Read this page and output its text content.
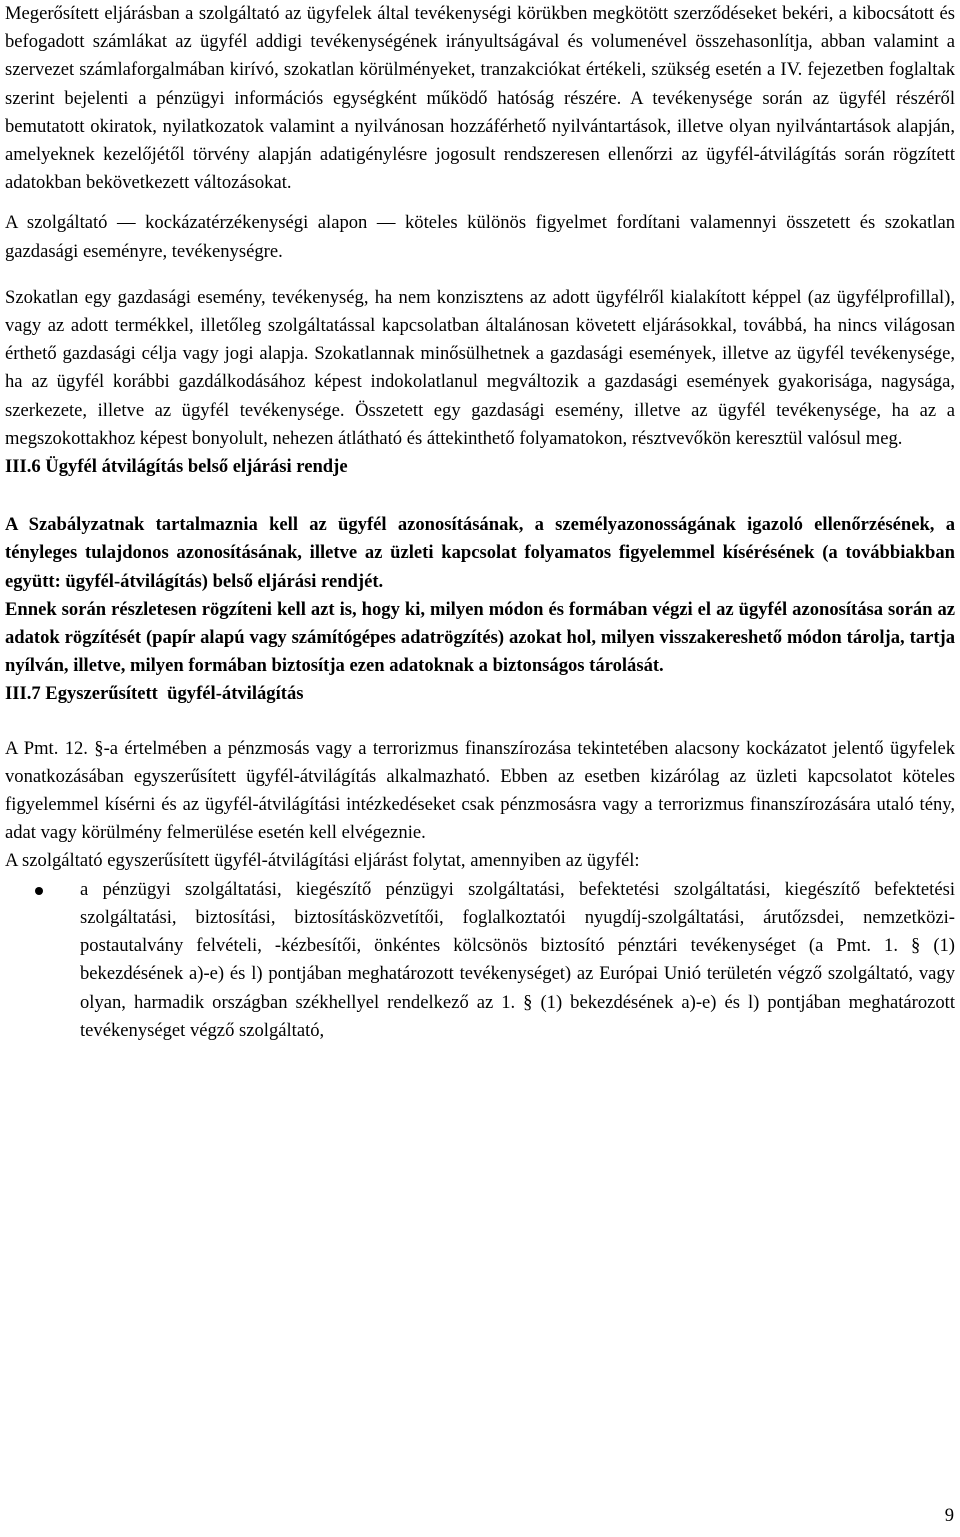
Megerősített eljárásban a szolgáltató az ügyfelek által tevékenységi körükben megkötött szerződéseket bekéri, a kibocsátott és befogadott számlákat az ügyfél addigi tevékenységének irányultságával és volumenével összehasonlítja, abban valamint a szervezet számlaforgalmában kirívó, szokatlan körülményeket, tranzakciókat értékeli, szükség esetén a IV. fejezetben foglaltak szerint bejelenti a pénzügyi információs egységként működő hatóság részére. A tevékenysége során az ügyfél részéről bemutatott okiratok, nyilatkozatok valamint a nyilvánosan hozzáférhető nyilvántartások, illetve olyan nyilvántartások alapján, amelyeknek kezelőjétől törvény alapján adatigénylésre jogosult rendszeresen ellenőrzi az ügyfél-átvilágítás során rögzített adatokban bekövetkezett változásokat.

A szolgáltató ― kockázatérzékenységi alapon ― köteles különös figyelmet fordítani valamennyi összetett és szokatlan gazdasági eseményre, tevékenységre.

Szokatlan egy gazdasági esemény, tevékenység, ha nem konzisztens az adott ügyfélről kialakított képpel (az ügyfélprofillal), vagy az adott termékkel, illetőleg szolgáltatással kapcsolatban általánosan követett eljárásokkal, továbbá, ha nincs világosan érthető gazdasági célja vagy jogi alapja. Szokatlannak minősülhetnek a gazdasági események, illetve az ügyfél tevékenysége, ha az ügyfél korábbi gazdálkodásához képest indokolatlanul megváltozik a gazdasági események gyakorisága, nagysága, szerkezete, illetve az ügyfél tevékenysége. Összetett egy gazdasági esemény, illetve az ügyfél tevékenysége, ha az a megszokottakhoz képest bonyolult, nehezen átlátható és áttekinthető folyamatokon, résztvevőkön keresztül valósul meg.

III.6 Ügyfél átvilágítás belső eljárási rendje

A Szabályzatnak tartalmaznia kell az ügyfél azonosításának, a személyazonosságának igazoló ellenőrzésének, a tényleges tulajdonos azonosításának, illetve az üzleti kapcsolat folyamatos figyelemmel kísérésének (a továbbiakban együtt: ügyfél-átvilágítás) belső eljárási rendjét.

Ennek során részletesen rögzíteni kell azt is, hogy ki, milyen módon és formában végzi el az ügyfél azonosítása során az adatok rögzítését (papír alapú vagy számítógépes adatrögzítés) azokat hol, milyen visszakereshető módon tárolja, tartja nyílván, illetve, milyen formában biztosítja ezen adatoknak a biztonságos tárolását.

III.7 Egyszerűsített  ügyfél-átvilágítás

A Pmt. 12. §-a értelmében a pénzmosás vagy a terrorizmus finanszírozása tekintetében alacsony kockázatot jelentő ügyfelek vonatkozásában egyszerűsített ügyfél-átvilágítás alkalmazható. Ebben az esetben kizárólag az üzleti kapcsolatot köteles figyelemmel kísérni és az ügyfél-átvilágítási intézkedéseket csak pénzmosásra vagy a terrorizmus finanszírozására utaló tény, adat vagy körülmény felmerülése esetén kell elvégeznie.

A szolgáltató egyszerűsített ügyfél-átvilágítási eljárást folytat, amennyiben az ügyfél:

a pénzügyi szolgáltatási, kiegészítő pénzügyi szolgáltatási, befektetési szolgáltatási, kiegészítő befektetési szolgáltatási, biztosítási, biztosításközvetítői, foglalkoztatói nyugdíj-szolgáltatási, árutőzsdei, nemzetközi-postautalvány felvételi, -kézbesítői, önkéntes kölcsönös biztosító pénztári tevékenységet (a Pmt. 1. § (1) bekezdésének a)-e) és l) pontjában meghatározott tevékenységet) az Európai Unió területén végző szolgáltató, vagy olyan, harmadik országban székhellyel rendelkező az 1. § (1) bekezdésének a)-e) és l) pontjában meghatározott tevékenységet végző szolgáltató,
9
